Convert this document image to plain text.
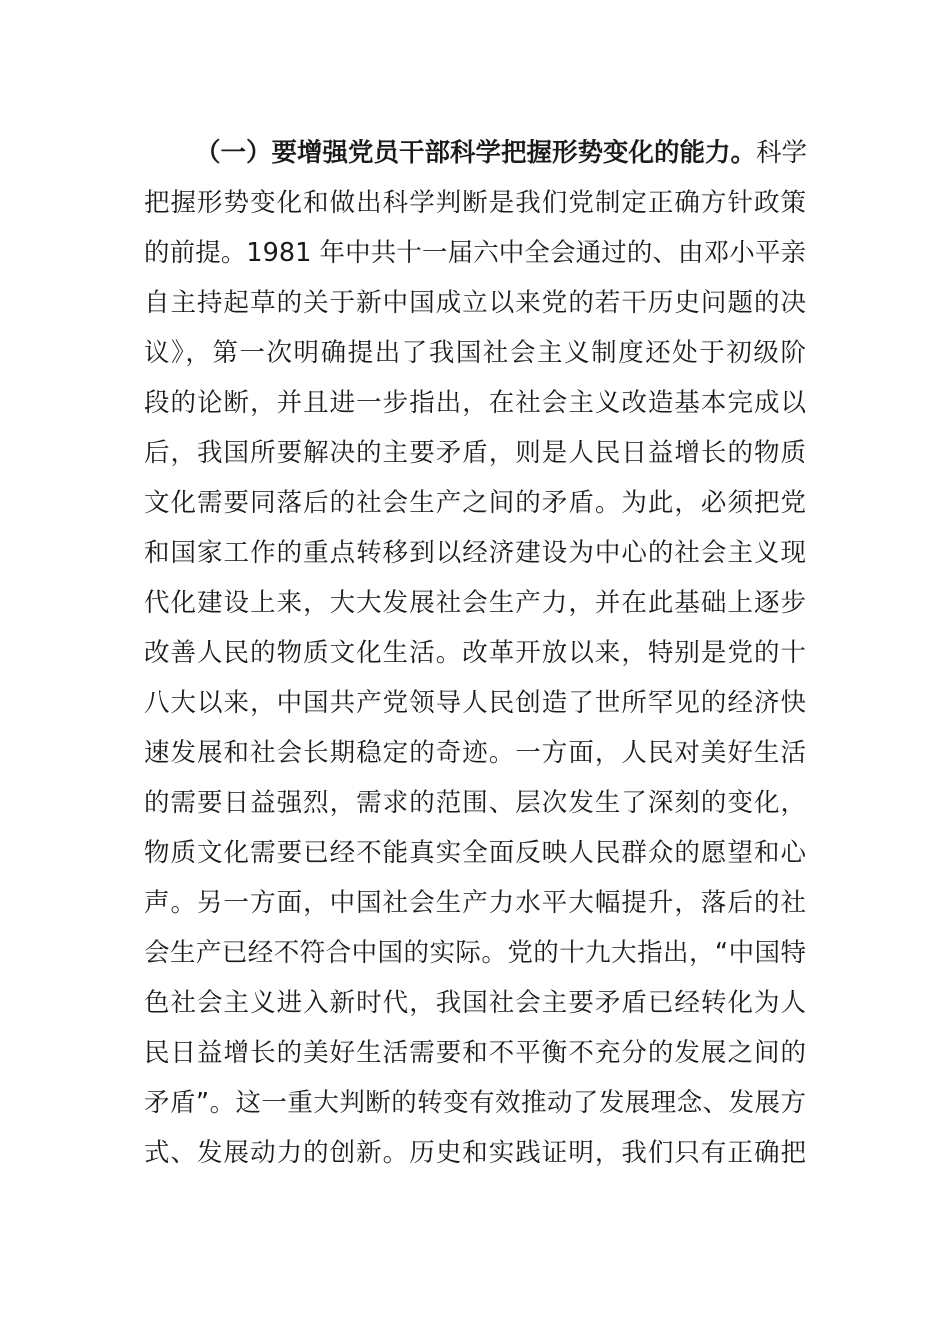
（一）要增强党员干部科学把握形势变化的能力。科学
把握形势变化和做出科学判断是我们党制定正确方针政策
的前提。1981 年中共十一届六中全会通过的、由邓小平亲
自主持起草的关于新中国成立以来党的若干历史问题的决
议》，第一次明确提出了我国社会主义制度还处于初级阶
段的论断，并且进一步指出，在社会主义改造基本完成以
后，我国所要解决的主要矛盾，则是人民日益增长的物质
文化需要同落后的社会生产之间的矛盾。为此，必须把党
和国家工作的重点转移到以经济建设为中心的社会主义现
代化建设上来，大大发展社会生产力，并在此基础上逐步
改善人民的物质文化生活。改革开放以来，特别是党的十
八大以来，中国共产党领导人民创造了世所罕见的经济快
速发展和社会长期稳定的奇迹。一方面，人民对美好生活
的需要日益强烈，需求的范围、层次发生了深刻的变化，
物质文化需要已经不能真实全面反映人民群众的愿望和心
声。另一方面，中国社会生产力水平大幅提升，落后的社
会生产已经不符合中国的实际。党的十九大指出，“中国特
色社会主义进入新时代，我国社会主要矛盾已经转化为人
民日益增长的美好生活需要和不平衡不充分的发展之间的
矛盾”。这一重大判断的转变有效推动了发展理念、发展方
式、发展动力的创新。历史和实践证明，我们只有正确把
